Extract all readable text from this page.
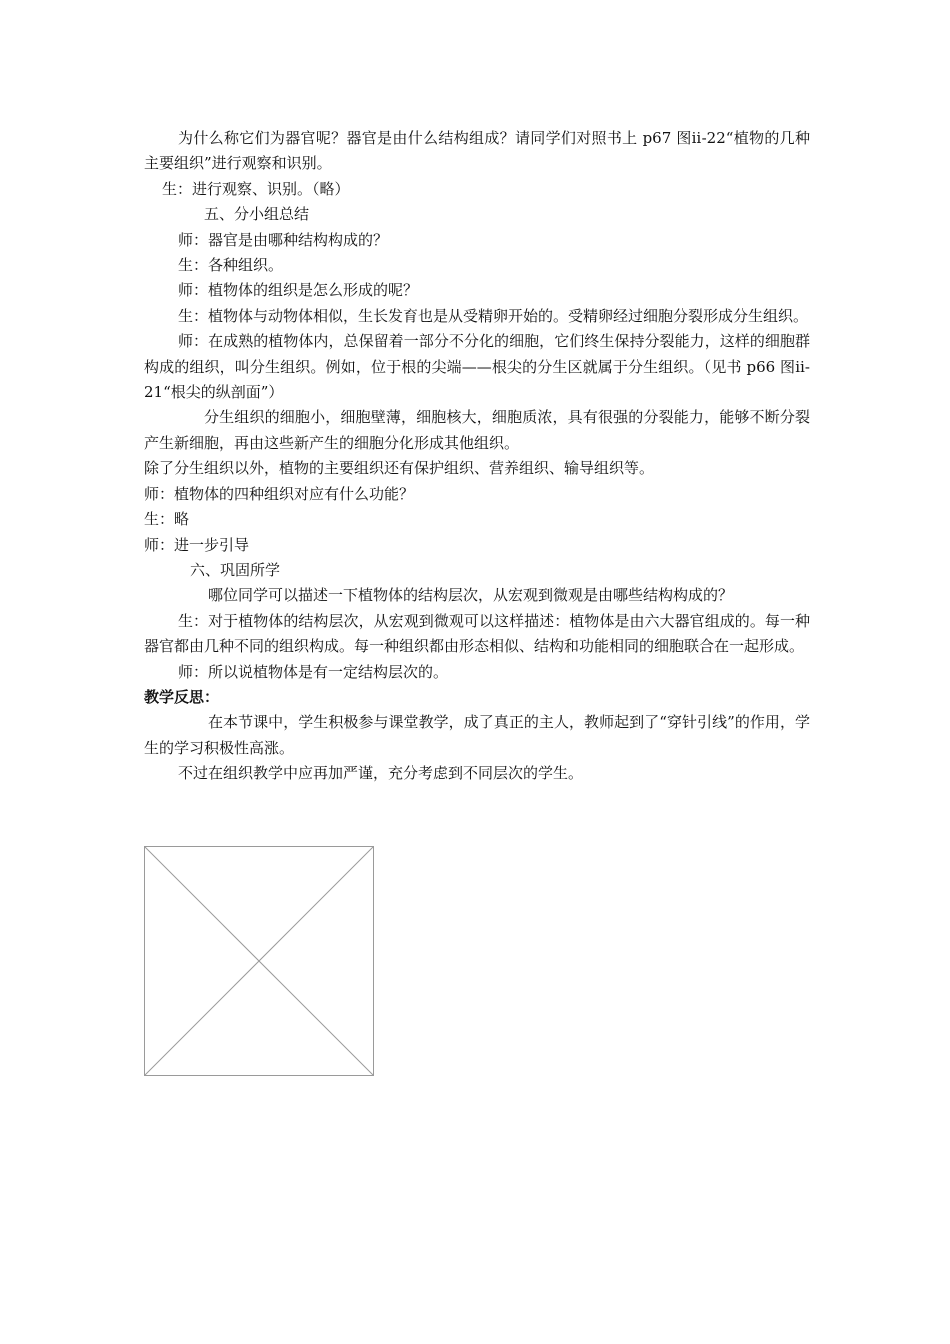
为什么称它们为器官呢？器官是由什么结构组成？请同学们对照书上 p67 图ⅱ-22“植物的几种主要组织”进行观察和识别。

生：进行观察、识别。（略）

五、分小组总结

师：器官是由哪种结构构成的？

生：各种组织。

师：植物体的组织是怎么形成的呢？

生：植物体与动物体相似，生长发育也是从受精卵开始的。受精卵经过细胞分裂形成分生组织。

师：在成熟的植物体内，总保留着一部分不分化的细胞，它们终生保持分裂能力，这样的细胞群构成的组织，叫分生组织。例如，位于根的尖端——根尖的分生区就属于分生组织。（见书 p66 图ⅱ-21“根尖的纵剖面”）

分生组织的细胞小，细胞壁薄，细胞核大，细胞质浓，具有很强的分裂能力，能够不断分裂产生新细胞，再由这些新产生的细胞分化形成其他组织。

除了分生组织以外，植物的主要组织还有保护组织、营养组织、输导组织等。

师：植物体的四种组织对应有什么功能？

生：略

师：进一步引导

六、巩固所学

哪位同学可以描述一下植物体的结构层次，从宏观到微观是由哪些结构构成的？

生：对于植物体的结构层次，从宏观到微观可以这样描述：植物体是由六大器官组成的。每一种器官都由几种不同的组织构成。每一种组织都由形态相似、结构和功能相同的细胞联合在一起形成。

师：所以说植物体是有一定结构层次的。

教学反思：

在本节课中，学生积极参与课堂教学，成了真正的主人，教师起到了“穿针引线”的作用，学生的学习积极性高涨。

不过在组织教学中应再加严谨，充分考虑到不同层次的学生。
